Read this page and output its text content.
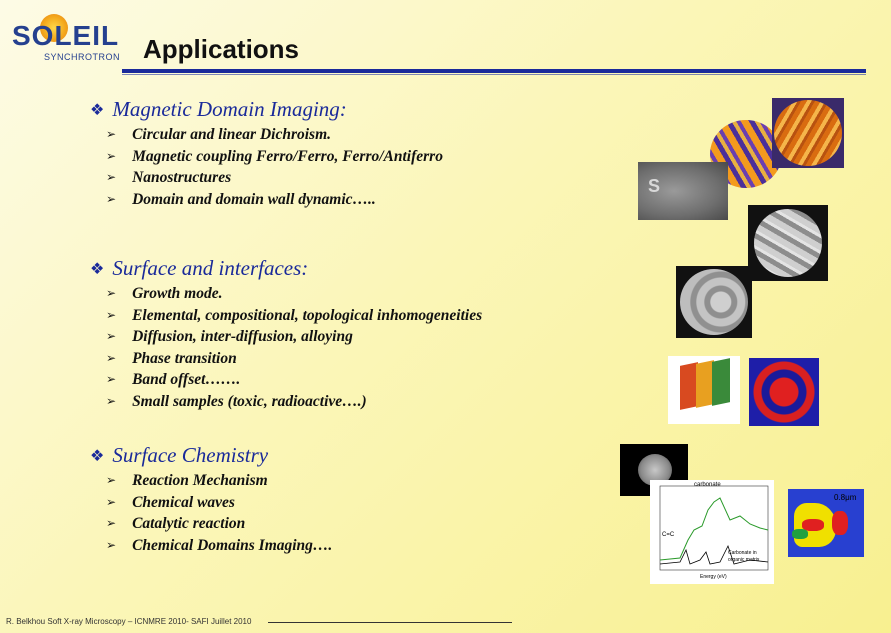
SOLEIL
SYNCHROTRON Applications
❖ Magnetic Domain Imaging:
➢ Circular and linear Dichroism.
➢ Magnetic coupling Ferro/Ferro, Ferro/Antiferro
➢ Nanostructures
➢ Domain and domain wall dynamic…..
❖ Surface and interfaces:
➢ Growth mode.
➢ Elemental, compositional, topological inhomogeneities
➢ Diffusion, inter-diffusion, alloying
➢ Phase transition
➢ Band offset…….
➢ Small samples (toxic, radioactive….)
❖ Surface Chemistry
➢ Reaction Mechanism
➢ Chemical waves
➢ Catalytic reaction
➢ Chemical Domains Imaging….
S
carbonate
C=C
Carbonate in organic matrix
Energy (eV)
0.8μm
R. Belkhou Soft X-ray Microscopy – ICNMRE 2010- SAFI Juillet 2010
